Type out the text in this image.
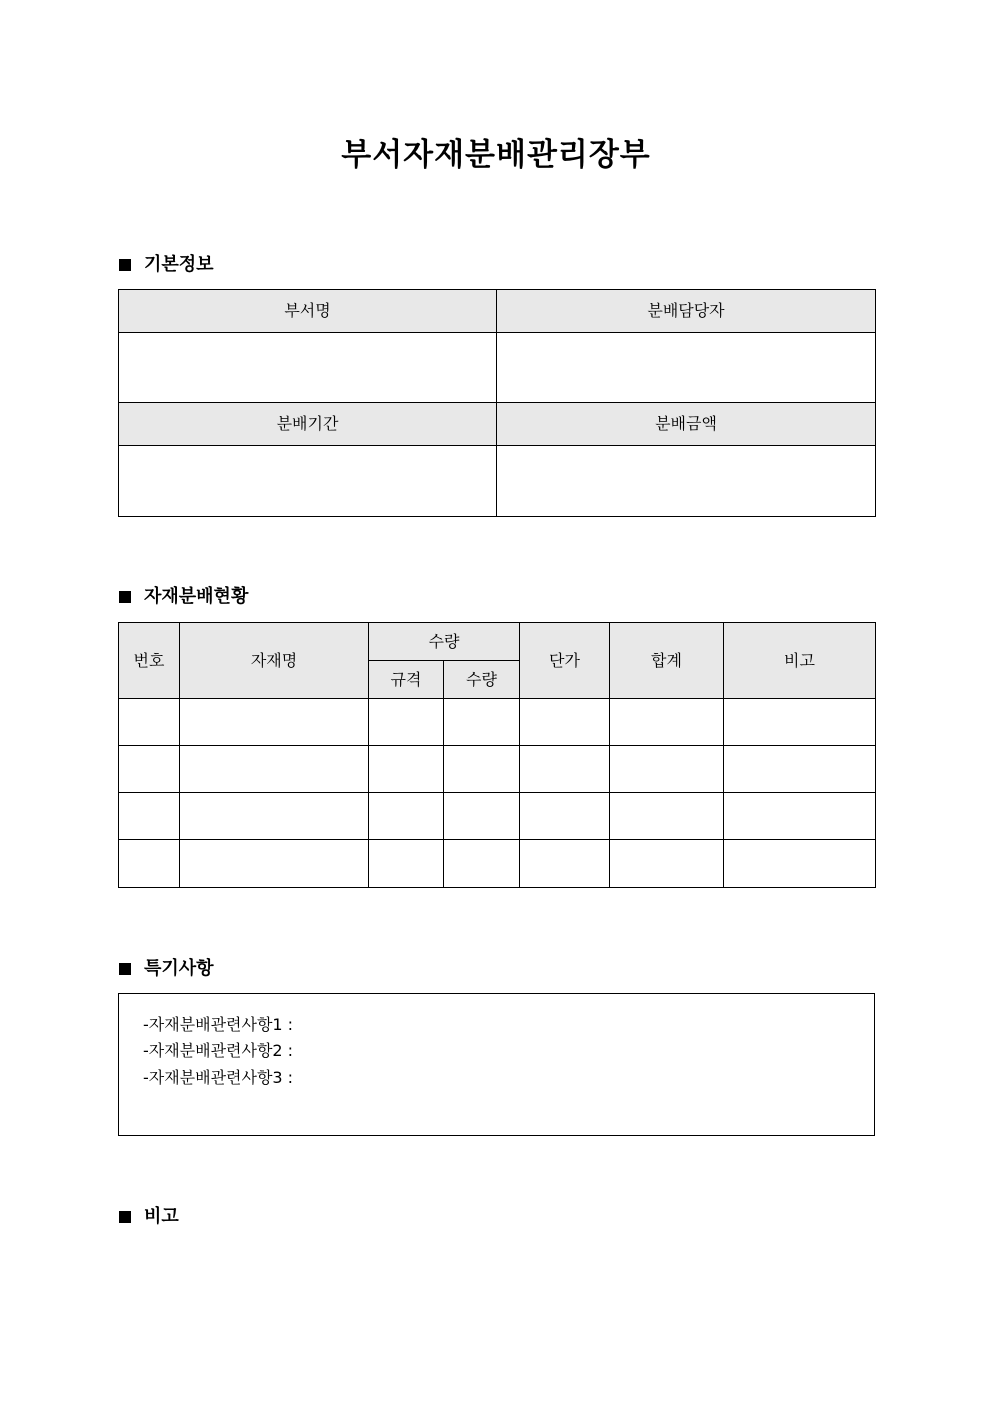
부서자재분배관리장부
기본정보
부서명	분배담당자

분배기간	분배금액

자재분배현황
번호	자재명	수량		단가	합계	비고
		규격	수량			

특기사항
-자재분배관련사항1 :
-자재분배관련사항2 :
-자재분배관련사항3 :
비고
